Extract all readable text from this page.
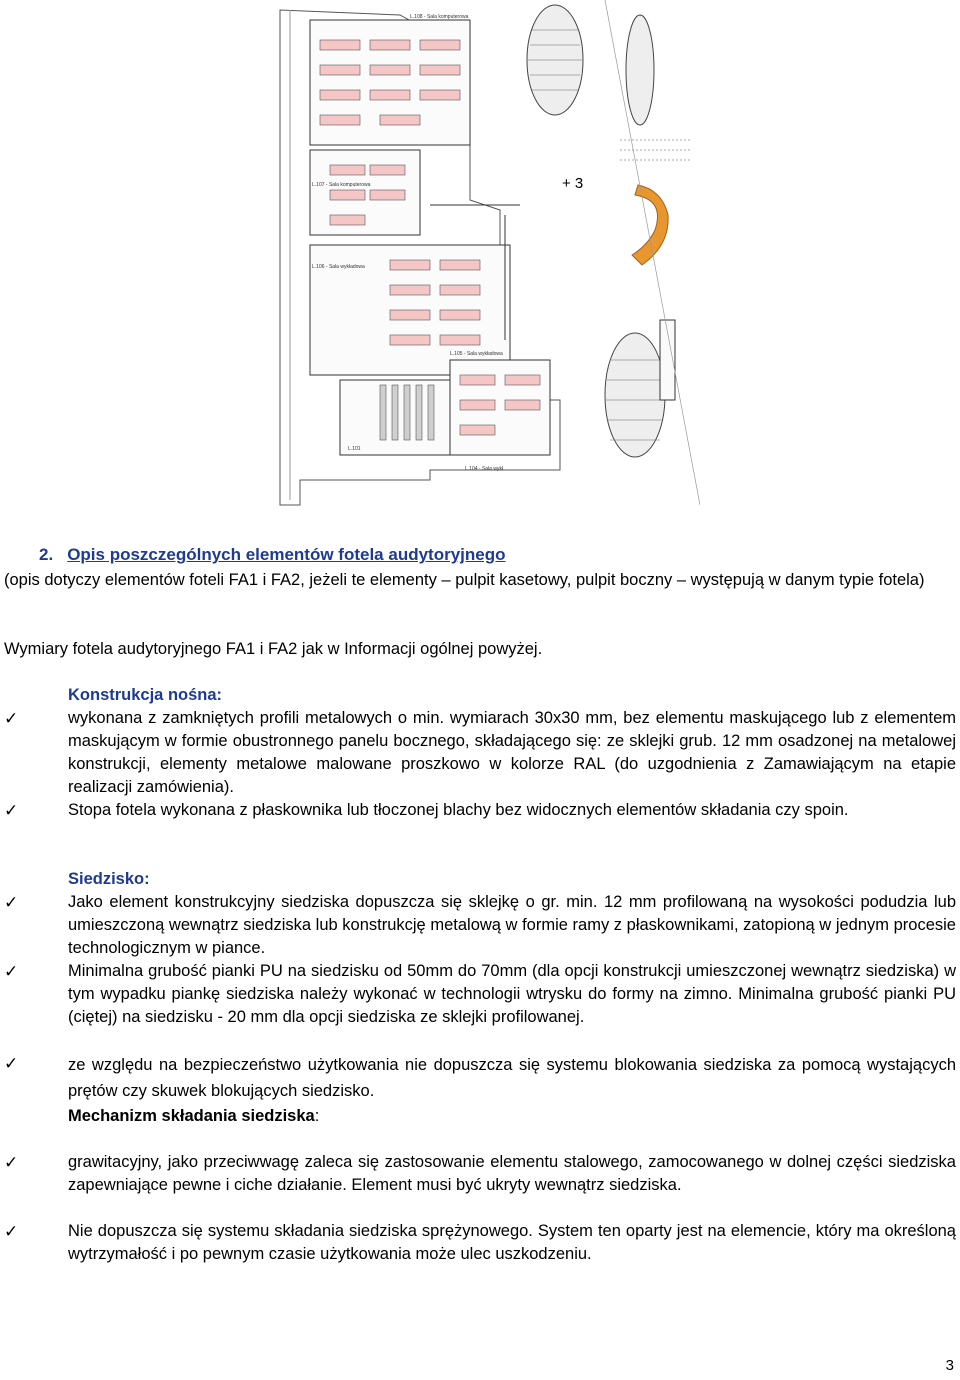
+ 3
L.108 - Sala komputerowa
L.107 - Sala komputerowa
L.106 - Sala wykładowa
L.105 - Sala wykładowa
L.101
L.104 - Sala wykł.
2. Opis poszczególnych elementów fotela audytoryjnego
(opis dotyczy elementów foteli FA1 i FA2, jeżeli te elementy – pulpit kasetowy, pulpit boczny – występują w danym typie fotela)
Wymiary fotela audytoryjnego FA1 i FA2 jak w Informacji ogólnej powyżej.
Konstrukcja nośna:
✓	wykonana z zamkniętych profili metalowych o min. wymiarach 30x30 mm, bez elementu maskującego lub z elementem maskującym w formie obustronnego panelu bocznego, składającego się: ze sklejki grub. 12 mm osadzonej na metalowej konstrukcji, elementy metalowe malowane proszkowo w kolorze RAL (do uzgodnienia z Zamawiającym na etapie realizacji zamówienia).
✓	Stopa fotela wykonana z płaskownika lub tłoczonej blachy bez widocznych elementów składania czy spoin.
Siedzisko:
✓	Jako element konstrukcyjny siedziska dopuszcza się sklejkę o gr. min. 12 mm profilowaną na wysokości podudzia lub umieszczoną wewnątrz siedziska lub konstrukcję metalową w formie ramy z płaskownikami, zatopioną w jednym procesie technologicznym w piance.
✓	Minimalna grubość pianki PU na siedzisku od 50mm do 70mm (dla opcji konstrukcji umieszczonej wewnątrz siedziska) w tym wypadku piankę siedziska należy wykonać w technologii wtrysku do formy na zimno. Minimalna grubość pianki PU (ciętej) na siedzisku - 20 mm dla opcji siedziska ze sklejki profilowanej.
✓	ze względu na bezpieczeństwo użytkowania nie dopuszcza się systemu blokowania siedziska za pomocą wystających prętów czy skuwek blokujących siedzisko.
Mechanizm składania siedziska:
✓	grawitacyjny, jako przeciwwagę zaleca się zastosowanie elementu stalowego, zamocowanego w dolnej części siedziska zapewniające pewne i ciche działanie. Element musi być ukryty wewnątrz siedziska.
✓	Nie dopuszcza się systemu składania siedziska sprężynowego. System ten oparty jest na elemencie, który ma określoną wytrzymałość i po pewnym czasie użytkowania może ulec uszkodzeniu.
3
